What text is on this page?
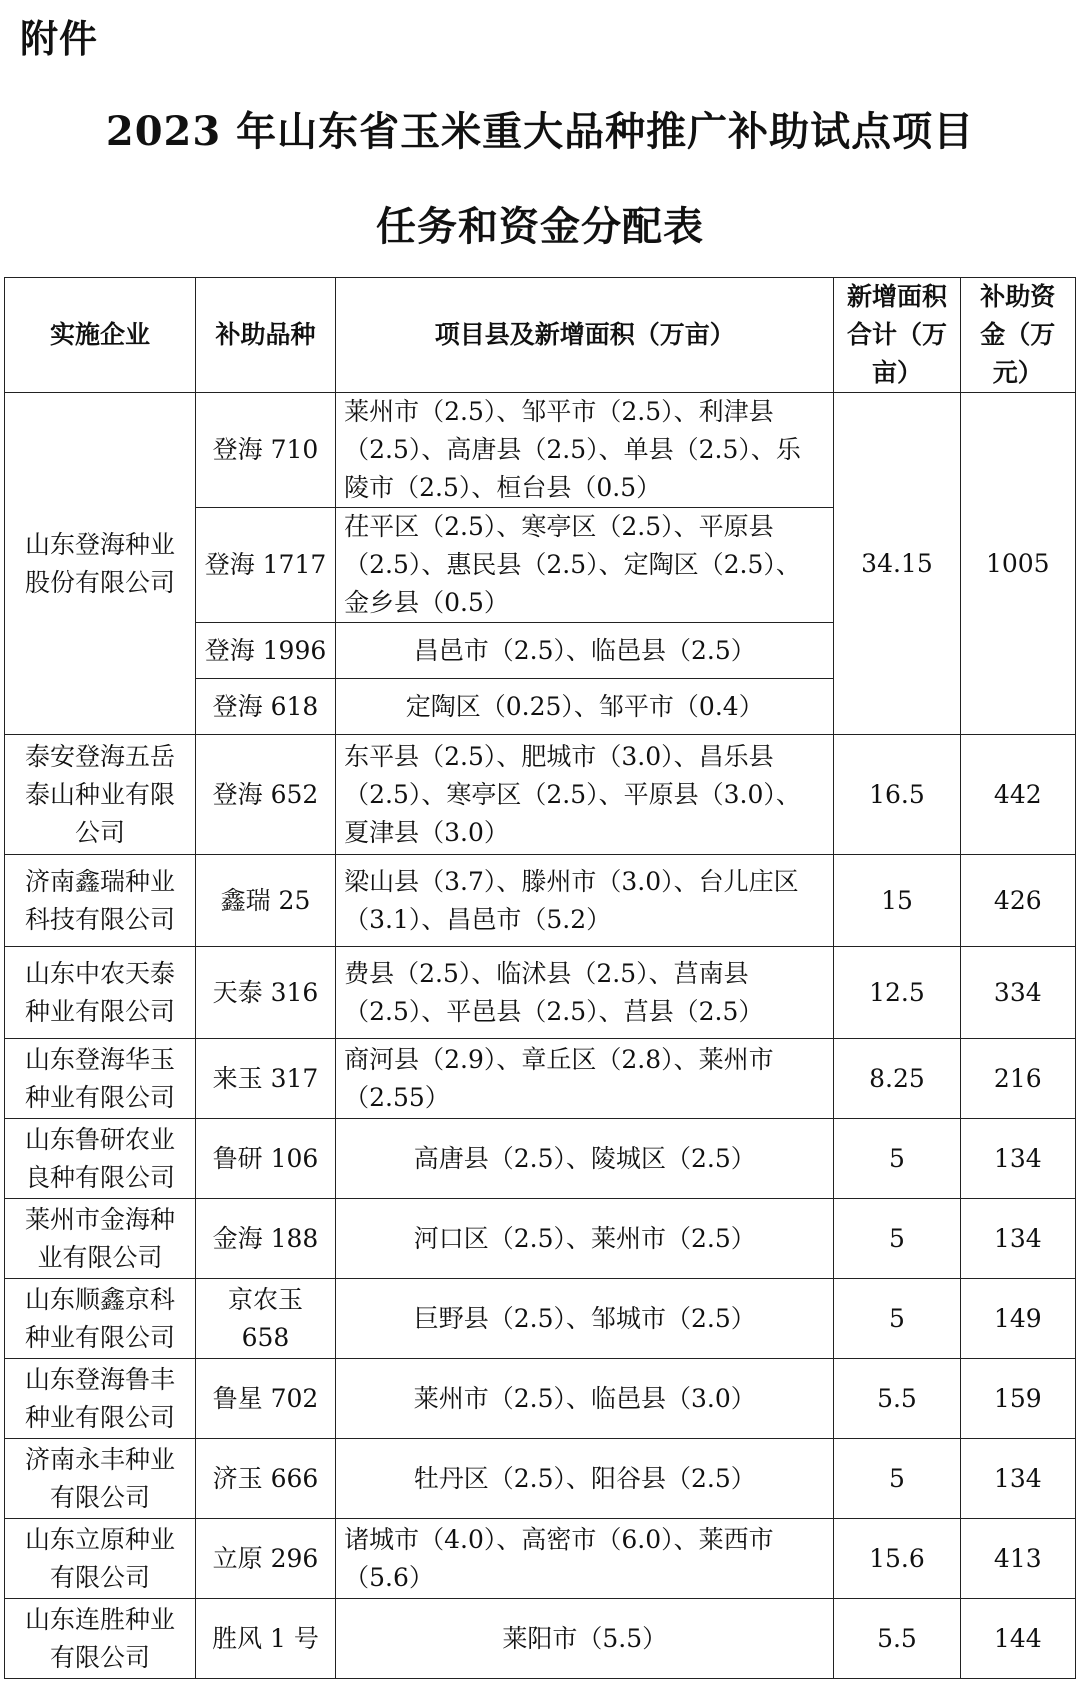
附件
2023 年山东省玉米重大品种推广补助试点项目
任务和资金分配表
实施企业	补助品种	项目县及新增面积（万亩）	新增面积合计（万亩）	补助资金（万元）
山东登海种业股份有限公司	登海 710	莱州市（2.5）、邹平市（2.5）、利津县（2.5）、高唐县（2.5）、单县（2.5）、乐陵市（2.5）、桓台县（0.5）	34.15	1005
	登海 1717	茌平区（2.5）、寒亭区（2.5）、平原县（2.5）、惠民县（2.5）、定陶区（2.5）、金乡县（0.5）		
	登海 1996	昌邑市（2.5）、临邑县（2.5）		
	登海 618	定陶区（0.25）、邹平市（0.4）		
泰安登海五岳泰山种业有限公司	登海 652	东平县（2.5）、肥城市（3.0）、昌乐县（2.5）、寒亭区（2.5）、平原县（3.0）、夏津县（3.0）	16.5	442
济南鑫瑞种业科技有限公司	鑫瑞 25	梁山县（3.7）、滕州市（3.0）、台儿庄区（3.1）、昌邑市（5.2）	15	426
山东中农天泰种业有限公司	天泰 316	费县（2.5）、临沭县（2.5）、莒南县（2.5）、平邑县（2.5）、莒县（2.5）	12.5	334
山东登海华玉种业有限公司	来玉 317	商河县（2.9）、章丘区（2.8）、莱州市（2.55）	8.25	216
山东鲁研农业良种有限公司	鲁研 106	高唐县（2.5）、陵城区（2.5）	5	134
莱州市金海种业有限公司	金海 188	河口区（2.5）、莱州市（2.5）	5	134
山东顺鑫京科种业有限公司	京农玉 658	巨野县（2.5）、邹城市（2.5）	5	149
山东登海鲁丰种业有限公司	鲁星 702	莱州市（2.5）、临邑县（3.0）	5.5	159
济南永丰种业有限公司	济玉 666	牡丹区（2.5）、阳谷县（2.5）	5	134
山东立原种业有限公司	立原 296	诸城市（4.0）、高密市（6.0）、莱西市（5.6）	15.6	413
山东连胜种业有限公司	胜风 1 号	莱阳市（5.5）	5.5	144
